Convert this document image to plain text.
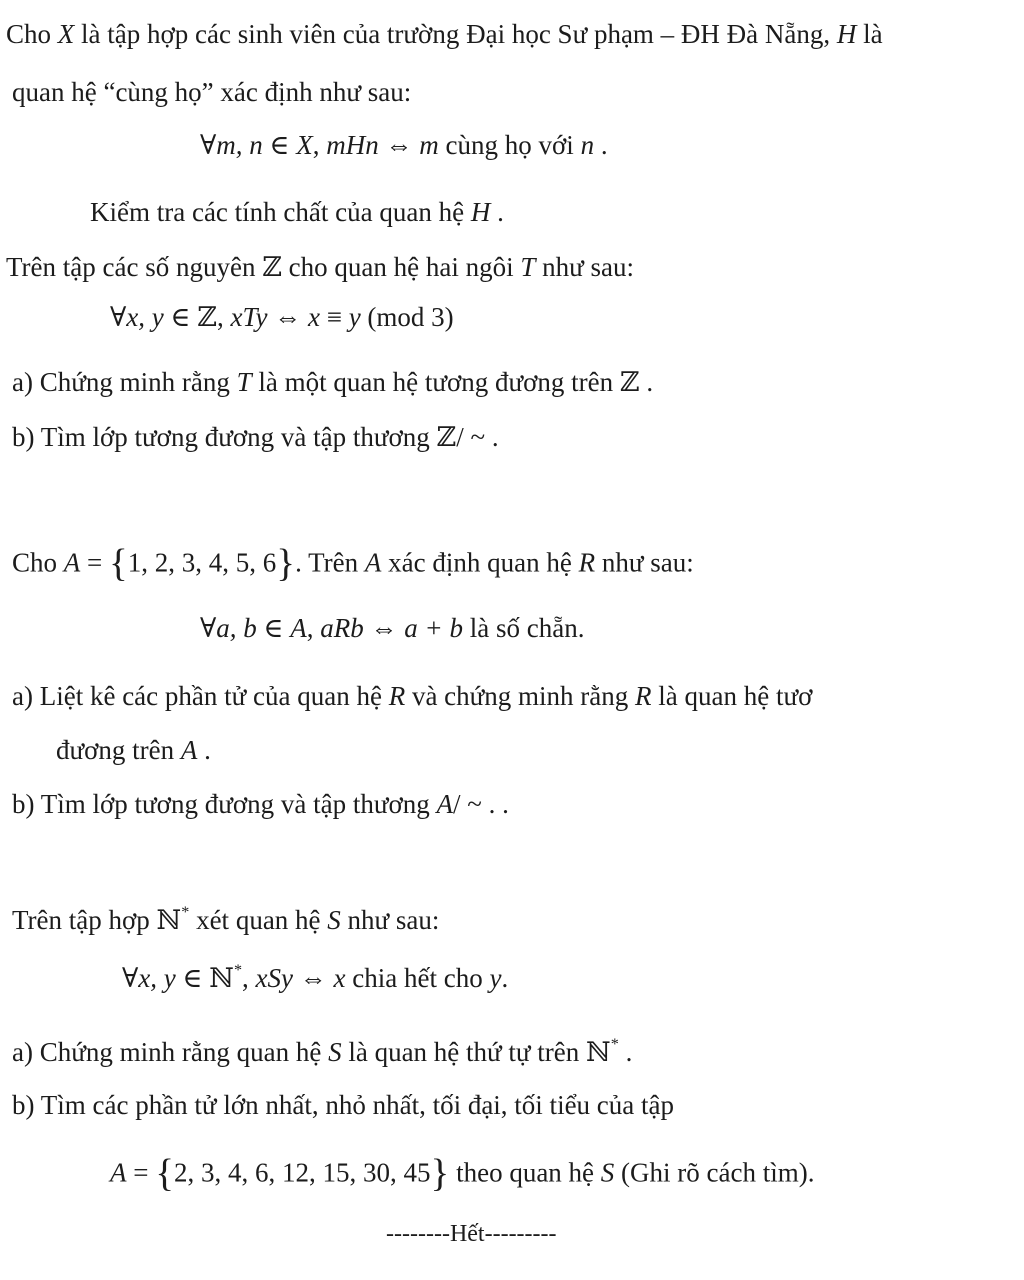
Cho X là tập hợp các sinh viên của trường Đại học Sư phạm – ĐH Đà Nẵng, H là
quan hệ “cùng họ” xác định như sau:
∀m, n ∈ X, mHn ⇔ m cùng họ với n .
Kiểm tra các tính chất của quan hệ H .
Trên tập các số nguyên ℤ cho quan hệ hai ngôi T như sau:
∀x, y ∈ ℤ, xTy ⇔ x ≡ y (mod 3)
a) Chứng minh rằng T là một quan hệ tương đương trên ℤ .
b) Tìm lớp tương đương và tập thương ℤ/ ~ .
Cho A = {1, 2, 3, 4, 5, 6}. Trên A xác định quan hệ R như sau:
∀a, b ∈ A, aRb ⇔ a + b là số chẵn.
a) Liệt kê các phần tử của quan hệ R và chứng minh rằng R là quan hệ tươ
đương trên A .
b) Tìm lớp tương đương và tập thương A/ ~ . .
Trên tập hợp ℕ* xét quan hệ S như sau:
∀x, y ∈ ℕ*, xSy ⇔ x chia hết cho y.
a) Chứng minh rằng quan hệ S là quan hệ thứ tự trên ℕ* .
b) Tìm các phần tử lớn nhất, nhỏ nhất, tối đại, tối tiểu của tập
A = {2, 3, 4, 6, 12, 15, 30, 45} theo quan hệ S (Ghi rõ cách tìm).
--------Hết---------
